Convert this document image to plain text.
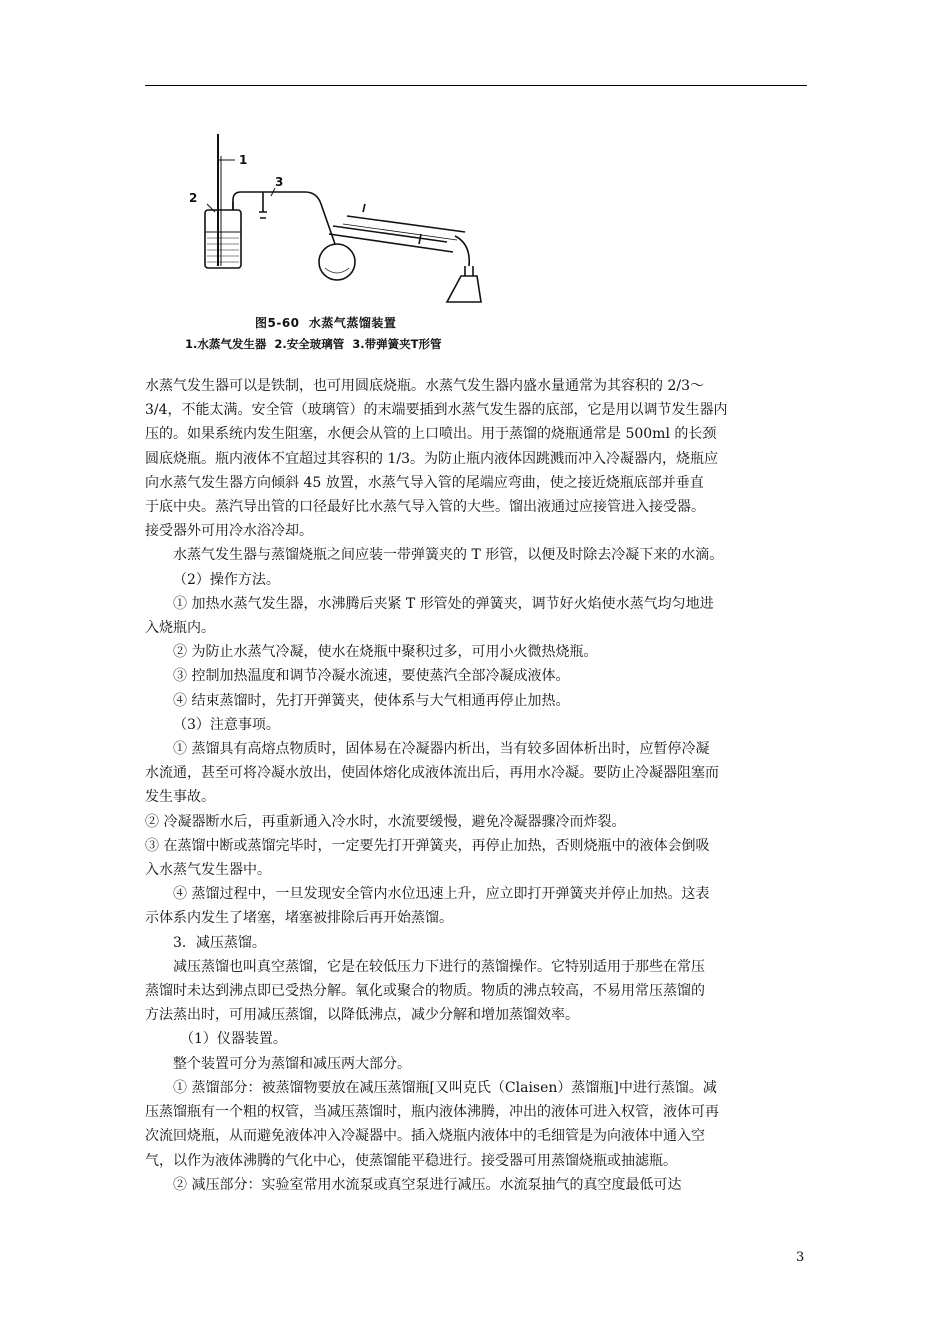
1
2
3
图5-60 水蒸气蒸馏装置
1.水蒸气发生器 2.安全玻璃管 3.带弹簧夹T形管

水蒸气发生器可以是铁制，也可用圆底烧瓶。水蒸气发生器内盛水量通常为其容积的 2/3～

3/4，不能太满。安全管（玻璃管）的末端要插到水蒸气发生器的底部，它是用以调节发生器内

压的。如果系统内发生阻塞，水便会从管的上口喷出。用于蒸馏的烧瓶通常是 500ml 的长颈

圆底烧瓶。瓶内液体不宜超过其容积的 1/3。为防止瓶内液体因跳溅而冲入冷凝器内，烧瓶应

向水蒸气发生器方向倾斜 45 放置，水蒸气导入管的尾端应弯曲，使之接近烧瓶底部并垂直

于底中央。蒸汽导出管的口径最好比水蒸气导入管的大些。馏出液通过应接管进入接受器。

接受器外可用冷水浴冷却。

水蒸气发生器与蒸馏烧瓶之间应装一带弹簧夹的 T 形管，以便及时除去冷凝下来的水滴。

（2）操作方法。

① 加热水蒸气发生器，水沸腾后夹紧 T 形管处的弹簧夹，调节好火焰使水蒸气均匀地进

入烧瓶内。

② 为防止水蒸气冷凝，使水在烧瓶中聚积过多，可用小火微热烧瓶。

③ 控制加热温度和调节冷凝水流速，要使蒸汽全部冷凝成液体。

④ 结束蒸馏时，先打开弹簧夹，使体系与大气相通再停止加热。

（3）注意事项。

① 蒸馏具有高熔点物质时，固体易在冷凝器内析出，当有较多固体析出时，应暂停冷凝

水流通，甚至可将冷凝水放出，使固体熔化成液体流出后，再用水冷凝。要防止冷凝器阻塞而

发生事故。

② 冷凝器断水后，再重新通入冷水时，水流要缓慢，避免冷凝器骤冷而炸裂。

③ 在蒸馏中断或蒸馏完毕时，一定要先打开弹簧夹，再停止加热，否则烧瓶中的液体会倒吸

入水蒸气发生器中。

④ 蒸馏过程中，一旦发现安全管内水位迅速上升，应立即打开弹簧夹并停止加热。这表

示体系内发生了堵塞，堵塞被排除后再开始蒸馏。

3．减压蒸馏。

减压蒸馏也叫真空蒸馏，它是在较低压力下进行的蒸馏操作。它特别适用于那些在常压

蒸馏时未达到沸点即已受热分解。氧化或聚合的物质。物质的沸点较高，不易用常压蒸馏的

方法蒸出时，可用减压蒸馏，以降低沸点，减少分解和增加蒸馏效率。

（1）仪器装置。

整个装置可分为蒸馏和减压两大部分。

① 蒸馏部分：被蒸馏物要放在减压蒸馏瓶[又叫克氏（Claisen）蒸馏瓶]中进行蒸馏。减

压蒸馏瓶有一个粗的权管，当减压蒸馏时，瓶内液体沸腾，冲出的液体可进入权管，液体可再

次流回烧瓶，从而避免液体冲入冷凝器中。插入烧瓶内液体中的毛细管是为向液体中通入空

气，以作为液体沸腾的气化中心，使蒸馏能平稳进行。接受器可用蒸馏烧瓶或抽滤瓶。

② 减压部分：实验室常用水流泵或真空泵进行减压。水流泵抽气的真空度最低可达

3
